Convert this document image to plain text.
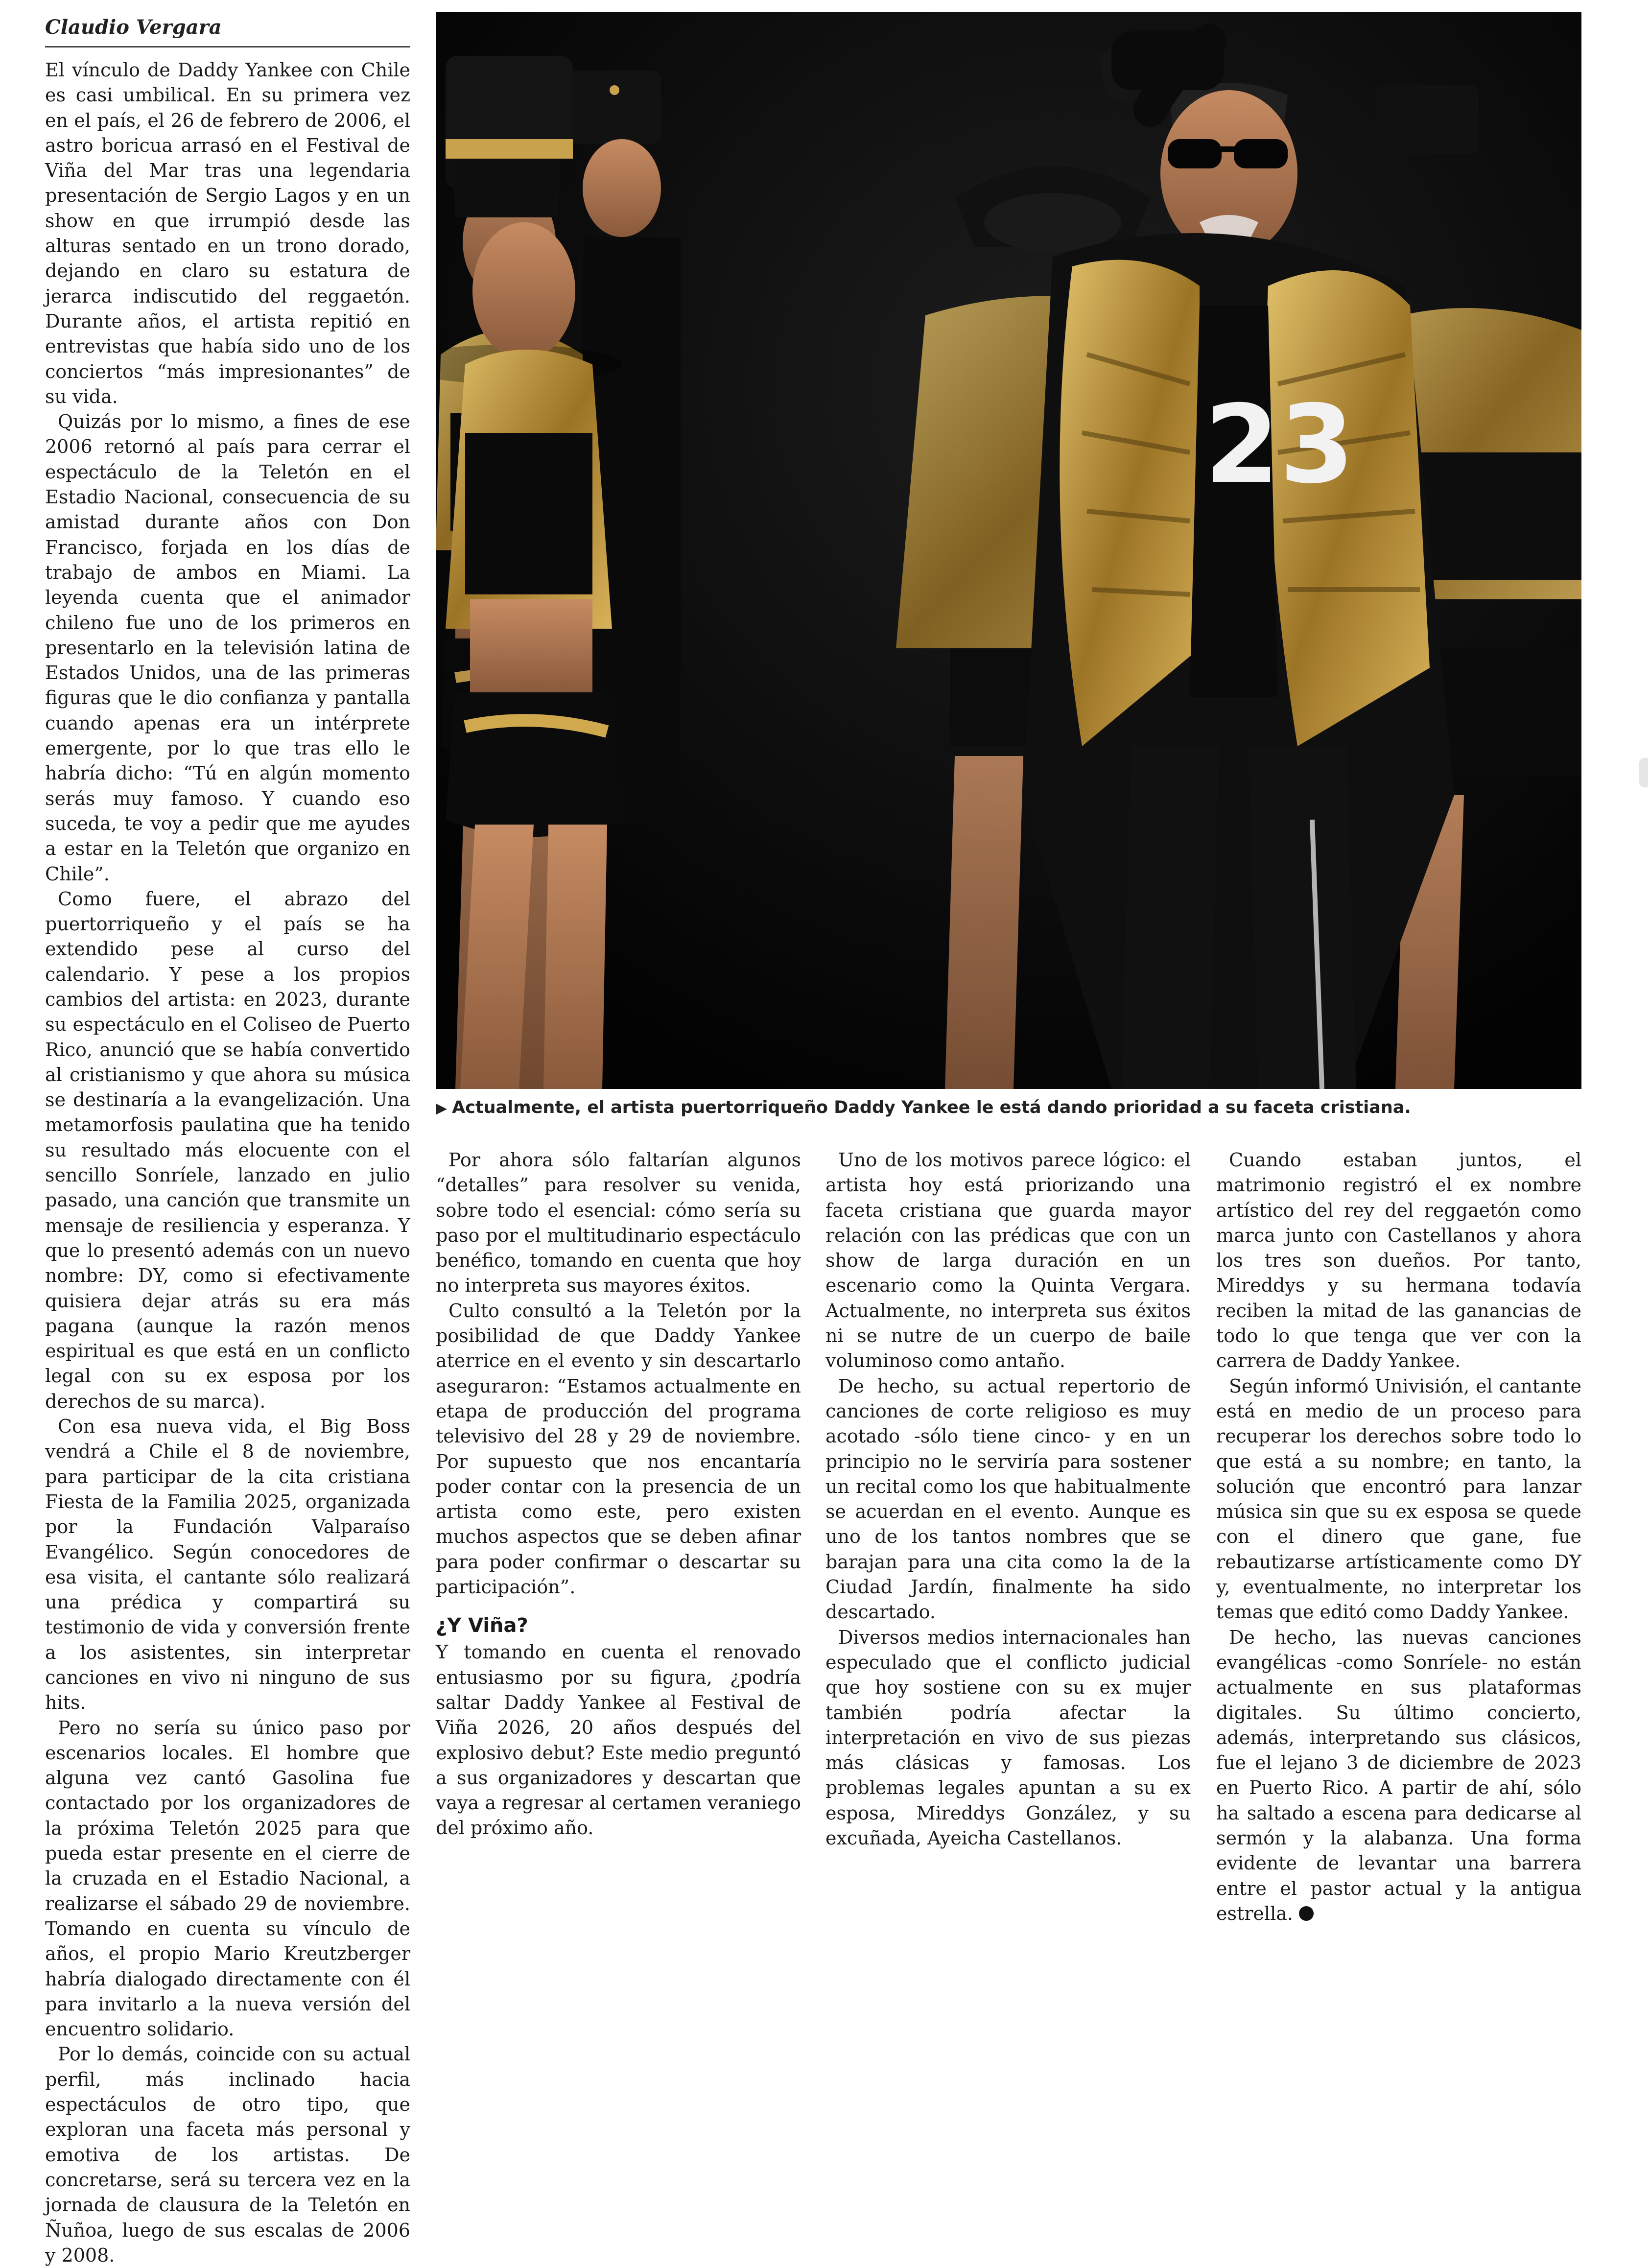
Claudio Vergara

El vínculo de Daddy Yankee con Chile es casi umbilical. En su primera vez en el país, el 26 de febrero de 2006, el astro boricua arrasó en el Festival de Viña del Mar tras una legendaria presentación de Sergio Lagos y en un show en que irrumpió desde las alturas sentado en un trono dorado, dejando en claro su estatura de jerarca indiscutido del reggaetón. Durante años, el artista repitió en entrevistas que había sido uno de los conciertos “más impresionantes” de su vida.

Quizás por lo mismo, a fines de ese 2006 retornó al país para cerrar el espectáculo de la Teletón en el Estadio Nacional, consecuencia de su amistad durante años con Don Francisco, forjada en los días de trabajo de ambos en Miami. La leyenda cuenta que el animador chileno fue uno de los primeros en presentarlo en la televisión latina de Estados Unidos, una de las primeras figuras que le dio confianza y pantalla cuando apenas era un intérprete emergente, por lo que tras ello le habría dicho: “Tú en algún momento serás muy famoso. Y cuando eso suceda, te voy a pedir que me ayudes a estar en la Teletón que organizo en Chile”.

Como fuere, el abrazo del puertorriqueño y el país se ha extendido pese al curso del calendario. Y pese a los propios cambios del artista: en 2023, durante su espectáculo en el Coliseo de Puerto Rico, anunció que se había convertido al cristianismo y que ahora su música se destinaría a la evangelización. Una metamorfosis paulatina que ha tenido su resultado más elocuente con el sencillo Sonríele, lanzado en julio pasado, una canción que transmite un mensaje de resiliencia y esperanza. Y que lo presentó además con un nuevo nombre: DY, como si efectivamente quisiera dejar atrás su era más pagana (aunque la razón menos espiritual es que está en un conflicto legal con su ex esposa por los derechos de su marca).

Con esa nueva vida, el Big Boss vendrá a Chile el 8 de noviembre, para participar de la cita cristiana Fiesta de la Familia 2025, organizada por la Fundación Valparaíso Evangélico. Según conocedores de esa visita, el cantante sólo realizará una prédica y compartirá su testimonio de vida y conversión frente a los asistentes, sin interpretar canciones en vivo ni ninguno de sus hits.

Pero no sería su único paso por escenarios locales. El hombre que alguna vez cantó Gasolina fue contactado por los organizadores de la próxima Teletón 2025 para que pueda estar presente en el cierre de la cruzada en el Estadio Nacional, a realizarse el sábado 29 de noviembre. Tomando en cuenta su vínculo de años, el propio Mario Kreutzberger habría dialogado directamente con él para invitarlo a la nueva versión del encuentro solidario.

Por lo demás, coincide con su actual perfil, más inclinado hacia espectáculos de otro tipo, que exploran una faceta más personal y emotiva de los artistas. De concretarse, será su tercera vez en la jornada de clausura de la Teletón en Ñuñoa, luego de sus escalas de 2006 y 2008.

23
▶ Actualmente, el artista puertorriqueño Daddy Yankee le está dando prioridad a su faceta cristiana.

Por ahora sólo faltarían algunos “detalles” para resolver su venida, sobre todo el esencial: cómo sería su paso por el multitudinario espectáculo benéfico, tomando en cuenta que hoy no interpreta sus mayores éxitos.

Culto consultó a la Teletón por la posibilidad de que Daddy Yankee aterrice en el evento y sin descartarlo aseguraron: “Estamos actualmente en etapa de producción del programa televisivo del 28 y 29 de noviembre. Por supuesto que nos encantaría poder contar con la presencia de un artista como este, pero existen muchos aspectos que se deben afinar para poder confirmar o descartar su participación”.

¿Y Viña?

Y tomando en cuenta el renovado entusiasmo por su figura, ¿podría saltar Daddy Yankee al Festival de Viña 2026, 20 años después del explosivo debut? Este medio preguntó a sus organizadores y descartan que vaya a regresar al certamen veraniego del próximo año.

Uno de los motivos parece lógico: el artista hoy está priorizando una faceta cristiana que guarda mayor relación con las prédicas que con un show de larga duración en un escenario como la Quinta Vergara. Actualmente, no interpreta sus éxitos ni se nutre de un cuerpo de baile voluminoso como antaño.

De hecho, su actual repertorio de canciones de corte religioso es muy acotado -sólo tiene cinco- y en un principio no le serviría para sostener un recital como los que habitualmente se acuerdan en el evento. Aunque es uno de los tantos nombres que se barajan para una cita como la de la Ciudad Jardín, finalmente ha sido descartado.

Diversos medios internacionales han especulado que el conflicto judicial que hoy sostiene con su ex mujer también podría afectar la interpretación en vivo de sus piezas más clásicas y famosas. Los problemas legales apuntan a su ex esposa, Mireddys González, y su excuñada, Ayeicha Castellanos.

Cuando estaban juntos, el matrimonio registró el ex nombre artístico del rey del reggaetón como marca junto con Castellanos y ahora los tres son dueños. Por tanto, Mireddys y su hermana todavía reciben la mitad de las ganancias de todo lo que tenga que ver con la carrera de Daddy Yankee.

Según informó Univisión, el cantante está en medio de un proceso para recuperar los derechos sobre todo lo que está a su nombre; en tanto, la solución que encontró para lanzar música sin que su ex esposa se quede con el dinero que gane, fue rebautizarse artísticamente como DY y, eventualmente, no interpretar los temas que editó como Daddy Yankee.

De hecho, las nuevas canciones evangélicas -como Sonríele- no están actualmente en sus plataformas digitales. Su último concierto, además, interpretando sus clásicos, fue el lejano 3 de diciembre de 2023 en Puerto Rico. A partir de ahí, sólo ha saltado a escena para dedicarse al sermón y la alabanza. Una forma evidente de levantar una barrera entre el pastor actual y la antigua estrella.
